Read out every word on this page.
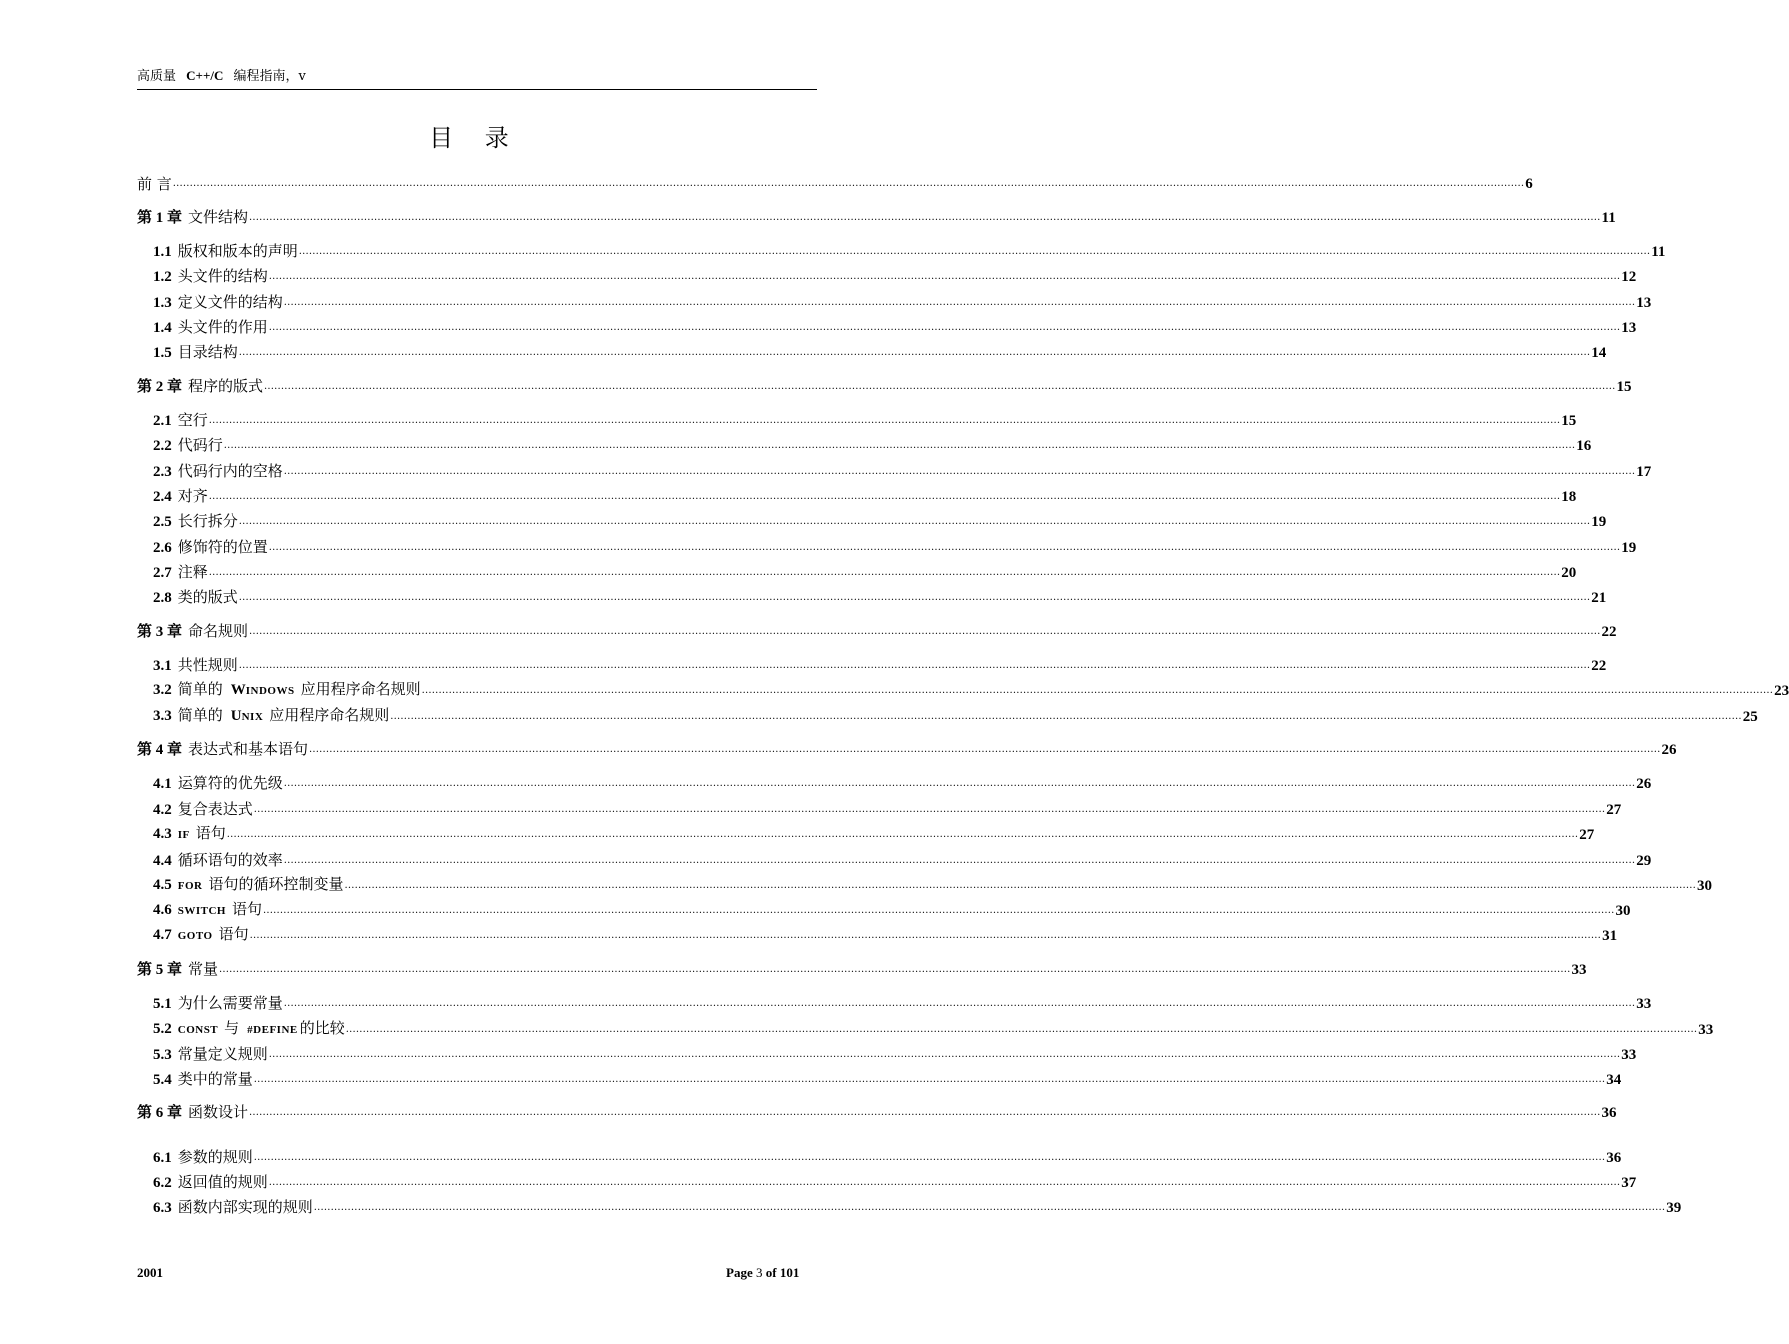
高质量 C++/C 编程指南，v
目 录
前 言 ................................................................................................................................................................................................................................................................................................................................................................................................................ 6
第 1 章 文件结构 ................................................................................................................................................................................................................................................................................................................................................................................................................ 11
1.1 版权和版本的声明 ................................................................................................................................................................................................................................................................................................................................................................................................................ 11
1.2 头文件的结构 ................................................................................................................................................................................................................................................................................................................................................................................................................ 12
1.3 定义文件的结构 ................................................................................................................................................................................................................................................................................................................................................................................................................ 13
1.4 头文件的作用 ................................................................................................................................................................................................................................................................................................................................................................................................................ 13
1.5 目录结构 ................................................................................................................................................................................................................................................................................................................................................................................................................ 14
第 2 章 程序的版式 ................................................................................................................................................................................................................................................................................................................................................................................................................ 15
2.1 空行 ................................................................................................................................................................................................................................................................................................................................................................................................................ 15
2.2 代码行 ................................................................................................................................................................................................................................................................................................................................................................................................................ 16
2.3 代码行内的空格 ................................................................................................................................................................................................................................................................................................................................................................................................................ 17
2.4 对齐 ................................................................................................................................................................................................................................................................................................................................................................................................................ 18
2.5 长行拆分 ................................................................................................................................................................................................................................................................................................................................................................................................................ 19
2.6 修饰符的位置 ................................................................................................................................................................................................................................................................................................................................................................................................................ 19
2.7 注释 ................................................................................................................................................................................................................................................................................................................................................................................................................ 20
2.8 类的版式 ................................................................................................................................................................................................................................................................................................................................................................................................................ 21
第 3 章 命名规则 ................................................................................................................................................................................................................................................................................................................................................................................................................ 22
3.1 共性规则 ................................................................................................................................................................................................................................................................................................................................................................................................................ 22
3.2 简单的 WINDOWS 应用程序命名规则 ................................................................................................................................................................................................................................................................................................................................................................................................................ 23
3.3 简单的 UNIX 应用程序命名规则 ................................................................................................................................................................................................................................................................................................................................................................................................................ 25
第 4 章 表达式和基本语句 ................................................................................................................................................................................................................................................................................................................................................................................................................ 26
4.1 运算符的优先级 ................................................................................................................................................................................................................................................................................................................................................................................................................ 26
4.2 复合表达式 ................................................................................................................................................................................................................................................................................................................................................................................................................ 27
4.3 IF 语句 ................................................................................................................................................................................................................................................................................................................................................................................................................ 27
4.4 循环语句的效率 ................................................................................................................................................................................................................................................................................................................................................................................................................ 29
4.5 FOR 语句的循环控制变量 ................................................................................................................................................................................................................................................................................................................................................................................................................ 30
4.6 SWITCH 语句 ................................................................................................................................................................................................................................................................................................................................................................................................................ 30
4.7 GOTO 语句 ................................................................................................................................................................................................................................................................................................................................................................................................................ 31
第 5 章 常量 ................................................................................................................................................................................................................................................................................................................................................................................................................ 33
5.1 为什么需要常量 ................................................................................................................................................................................................................................................................................................................................................................................................................ 33
5.2 CONST 与 #DEFINE 的比较 ................................................................................................................................................................................................................................................................................................................................................................................................................ 33
5.3 常量定义规则 ................................................................................................................................................................................................................................................................................................................................................................................................................ 33
5.4 类中的常量 ................................................................................................................................................................................................................................................................................................................................................................................................................ 34
第 6 章 函数设计 ................................................................................................................................................................................................................................................................................................................................................................................................................ 36
6.1 参数的规则 ................................................................................................................................................................................................................................................................................................................................................................................................................ 36
6.2 返回值的规则 ................................................................................................................................................................................................................................................................................................................................................................................................................ 37
6.3 函数内部实现的规则 ................................................................................................................................................................................................................................................................................................................................................................................................................ 39
2001	Page 3 of 101
